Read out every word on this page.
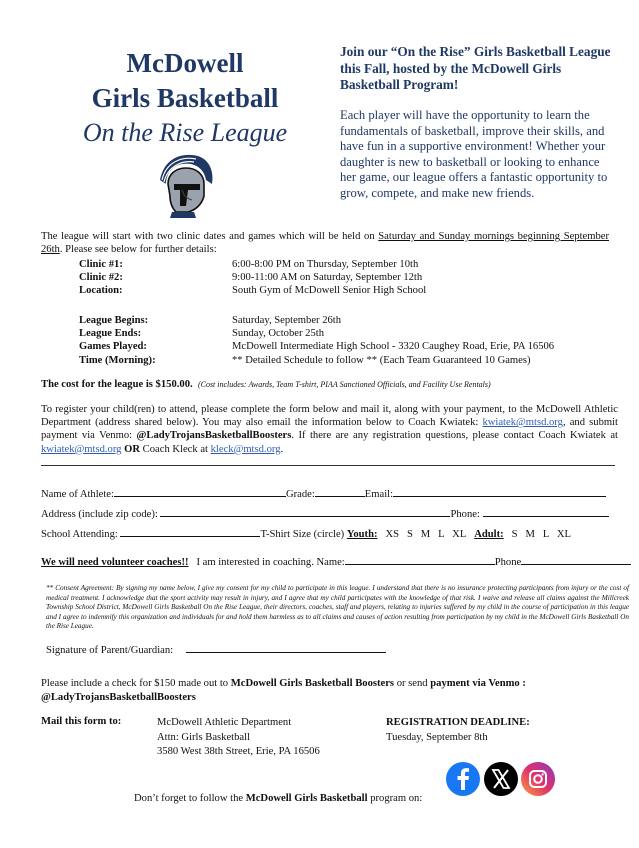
McDowell
Girls Basketball
On the Rise League
Join our “On the Rise” Girls Basketball League this Fall, hosted by the McDowell Girls Basketball Program!
Each player will have the opportunity to learn the fundamentals of basketball, improve their skills, and have fun in a supportive environment! Whether your daughter is new to basketball or looking to enhance her game, our league offers a fantastic opportunity to grow, compete, and make new friends.
The league will start with two clinic dates and games which will be held on Saturday and Sunday mornings beginning September 26th. Please see below for further details:
Clinic #1:	6:00-8:00 PM on Thursday, September 10th
Clinic #2:	9:00-11:00 AM on Saturday, September 12th
Location:	South Gym of McDowell Senior High School
League Begins:	Saturday, September 26th
League Ends:	Sunday, October 25th
Games Played:	McDowell Intermediate High School - 3320 Caughey Road, Erie, PA 16506
Time (Morning):	** Detailed Schedule to follow ** (Each Team Guaranteed 10 Games)
The cost for the league is $150.00. (Cost includes: Awards, Team T-shirt, PIAA Sanctioned Officials, and Facility Use Rentals)
To register your child(ren) to attend, please complete the form below and mail it, along with your payment, to the McDowell Athletic Department (address shared below). You may also email the information below to Coach Kwiatek: kwiatek@mtsd.org, and submit payment via Venmo: @LadyTrojansBasketballBoosters. If there are any registration questions, please contact Coach Kwiatek at kwiatek@mtsd.org OR Coach Kleck at kleck@mtsd.org.
Name of Athlete:	Grade:	Email:
Address (include zip code):	Phone:
School Attending:	T-Shirt Size (circle) Youth: XS   S   M   L   XL Adult: S   M   L   XL
We will need volunteer coaches!! I am interested in coaching. Name:	Phone
** Consent Agreement: By signing my name below, I give my consent for my child to participate in this league. I understand that there is no insurance protecting participants from injury or the cost of medical treatment. I acknowledge that the sport activity may result in injury, and I agree that my child participates with the knowledge of that risk. I waive and release all claims against the Millcreek Township School District, McDowell Girls Basketball On the Rise League, their directors, coaches, staff and players, relating to injuries suffered by my child in the course of participation in this league and I agree to indemnify this organization and individuals for and hold them harmless as to all claims and causes of action resulting from participation by my child in the McDowell Girls Basketball On the Rise League.
Signature of Parent/Guardian:
Please include a check for $150 made out to McDowell Girls Basketball Boosters or send payment via Venmo :
@LadyTrojansBasketballBoosters
Mail this form to:	McDowell Athletic Department
Attn: Girls Basketball
3580 West 38th Street, Erie, PA 16506
REGISTRATION DEADLINE:
Tuesday, September 8th
Don’t forget to follow the McDowell Girls Basketball program on:
